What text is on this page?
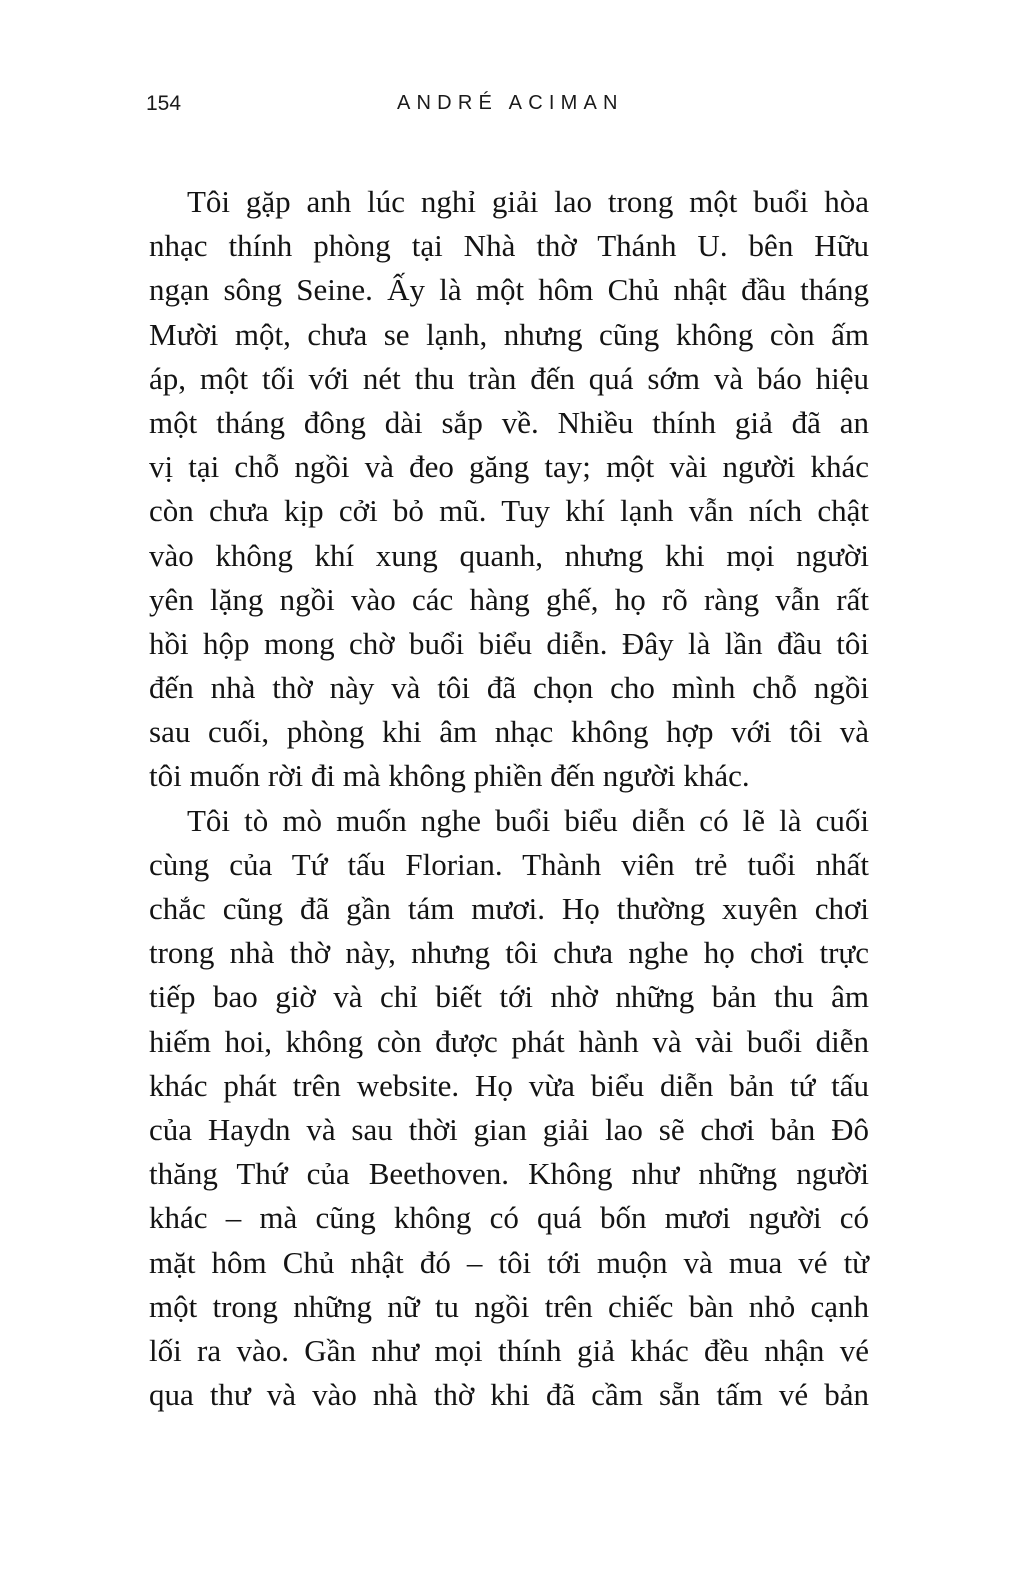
154	ANDRÉ ACIMAN

Tôi gặp anh lúc nghỉ giải lao trong một buổi hòa
nhạc thính phòng tại Nhà thờ Thánh U. bên Hữu
ngạn sông Seine. Ấy là một hôm Chủ nhật đầu tháng
Mười một, chưa se lạnh, nhưng cũng không còn ấm
áp, một tối với nét thu tràn đến quá sớm và báo hiệu
một tháng đông dài sắp về. Nhiều thính giả đã an
vị tại chỗ ngồi và đeo găng tay; một vài người khác
còn chưa kịp cởi bỏ mũ. Tuy khí lạnh vẫn ních chật
vào không khí xung quanh, nhưng khi mọi người
yên lặng ngồi vào các hàng ghế, họ rõ ràng vẫn rất
hồi hộp mong chờ buổi biểu diễn. Đây là lần đầu tôi
đến nhà thờ này và tôi đã chọn cho mình chỗ ngồi
sau cuối, phòng khi âm nhạc không hợp với tôi và
tôi muốn rời đi mà không phiền đến người khác.

Tôi tò mò muốn nghe buổi biểu diễn có lẽ là cuối
cùng của Tứ tấu Florian. Thành viên trẻ tuổi nhất
chắc cũng đã gần tám mươi. Họ thường xuyên chơi
trong nhà thờ này, nhưng tôi chưa nghe họ chơi trực
tiếp bao giờ và chỉ biết tới nhờ những bản thu âm
hiếm hoi, không còn được phát hành và vài buổi diễn
khác phát trên website. Họ vừa biểu diễn bản tứ tấu
của Haydn và sau thời gian giải lao sẽ chơi bản Đô
thăng Thứ của Beethoven. Không như những người
khác – mà cũng không có quá bốn mươi người có
mặt hôm Chủ nhật đó – tôi tới muộn và mua vé từ
một trong những nữ tu ngồi trên chiếc bàn nhỏ cạnh
lối ra vào. Gần như mọi thính giả khác đều nhận vé
qua thư và vào nhà thờ khi đã cầm sẵn tấm vé bản
